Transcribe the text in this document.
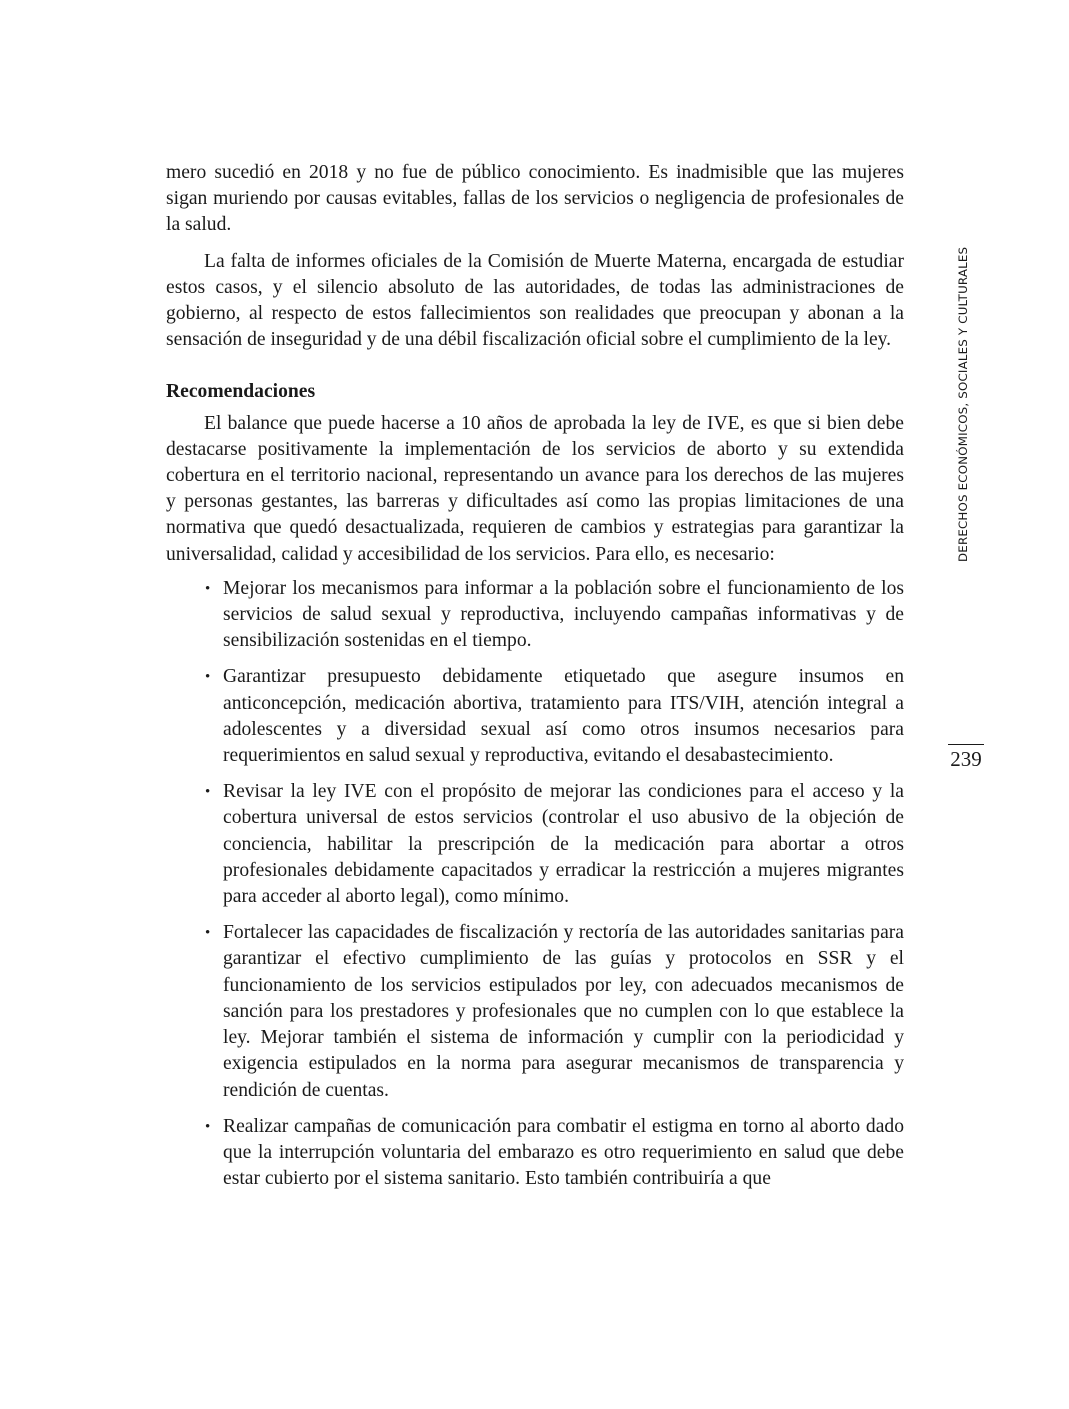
mero sucedió en 2018 y no fue de público conocimiento. Es inadmisible que las mujeres sigan muriendo por causas evitables, fallas de los servicios o negligencia de profesionales de la salud.

La falta de informes oficiales de la Comisión de Muerte Materna, encargada de estudiar estos casos, y el silencio absoluto de las autoridades, de todas las administraciones de gobierno, al respecto de estos fallecimientos son realidades que preocupan y abonan a la sensación de inseguridad y de una débil fiscalización oficial sobre el cumplimiento de la ley.

Recomendaciones

El balance que puede hacerse a 10 años de aprobada la ley de IVE, es que si bien debe destacarse positivamente la implementación de los servicios de aborto y su extendida cobertura en el territorio nacional, representando un avance para los derechos de las mujeres y personas gestantes, las barreras y dificultades así como las propias limitaciones de una normativa que quedó desactualizada, requieren de cambios y estrategias para garantizar la universalidad, calidad y accesibilidad de los servicios. Para ello, es necesario:

• Mejorar los mecanismos para informar a la población sobre el funcionamiento de los servicios de salud sexual y reproductiva, incluyendo campañas informativas y de sensibilización sostenidas en el tiempo.
• Garantizar presupuesto debidamente etiquetado que asegure insumos en anticoncepción, medicación abortiva, tratamiento para ITS/VIH, atención integral a adolescentes y a diversidad sexual así como otros insumos necesarios para requerimientos en salud sexual y reproductiva, evitando el desabastecimiento.
• Revisar la ley IVE con el propósito de mejorar las condiciones para el acceso y la cobertura universal de estos servicios (controlar el uso abusivo de la objeción de conciencia, habilitar la prescripción de la medicación para abortar a otros profesionales debidamente capacitados y erradicar la restricción a mujeres migrantes para acceder al aborto legal), como mínimo.
• Fortalecer las capacidades de fiscalización y rectoría de las autoridades sanitarias para garantizar el efectivo cumplimiento de las guías y protocolos en SSR y el funcionamiento de los servicios estipulados por ley, con adecuados mecanismos de sanción para los prestadores y profesionales que no cumplen con lo que establece la ley. Mejorar también el sistema de información y cumplir con la periodicidad y exigencia estipulados en la norma para asegurar mecanismos de transparencia y rendición de cuentas.
• Realizar campañas de comunicación para combatir el estigma en torno al aborto dado que la interrupción voluntaria del embarazo es otro requerimiento en salud que debe estar cubierto por el sistema sanitario. Esto también contribuiría a que
DERECHOS ECONÓMICOS, SOCIALES Y CULTURALES
239
